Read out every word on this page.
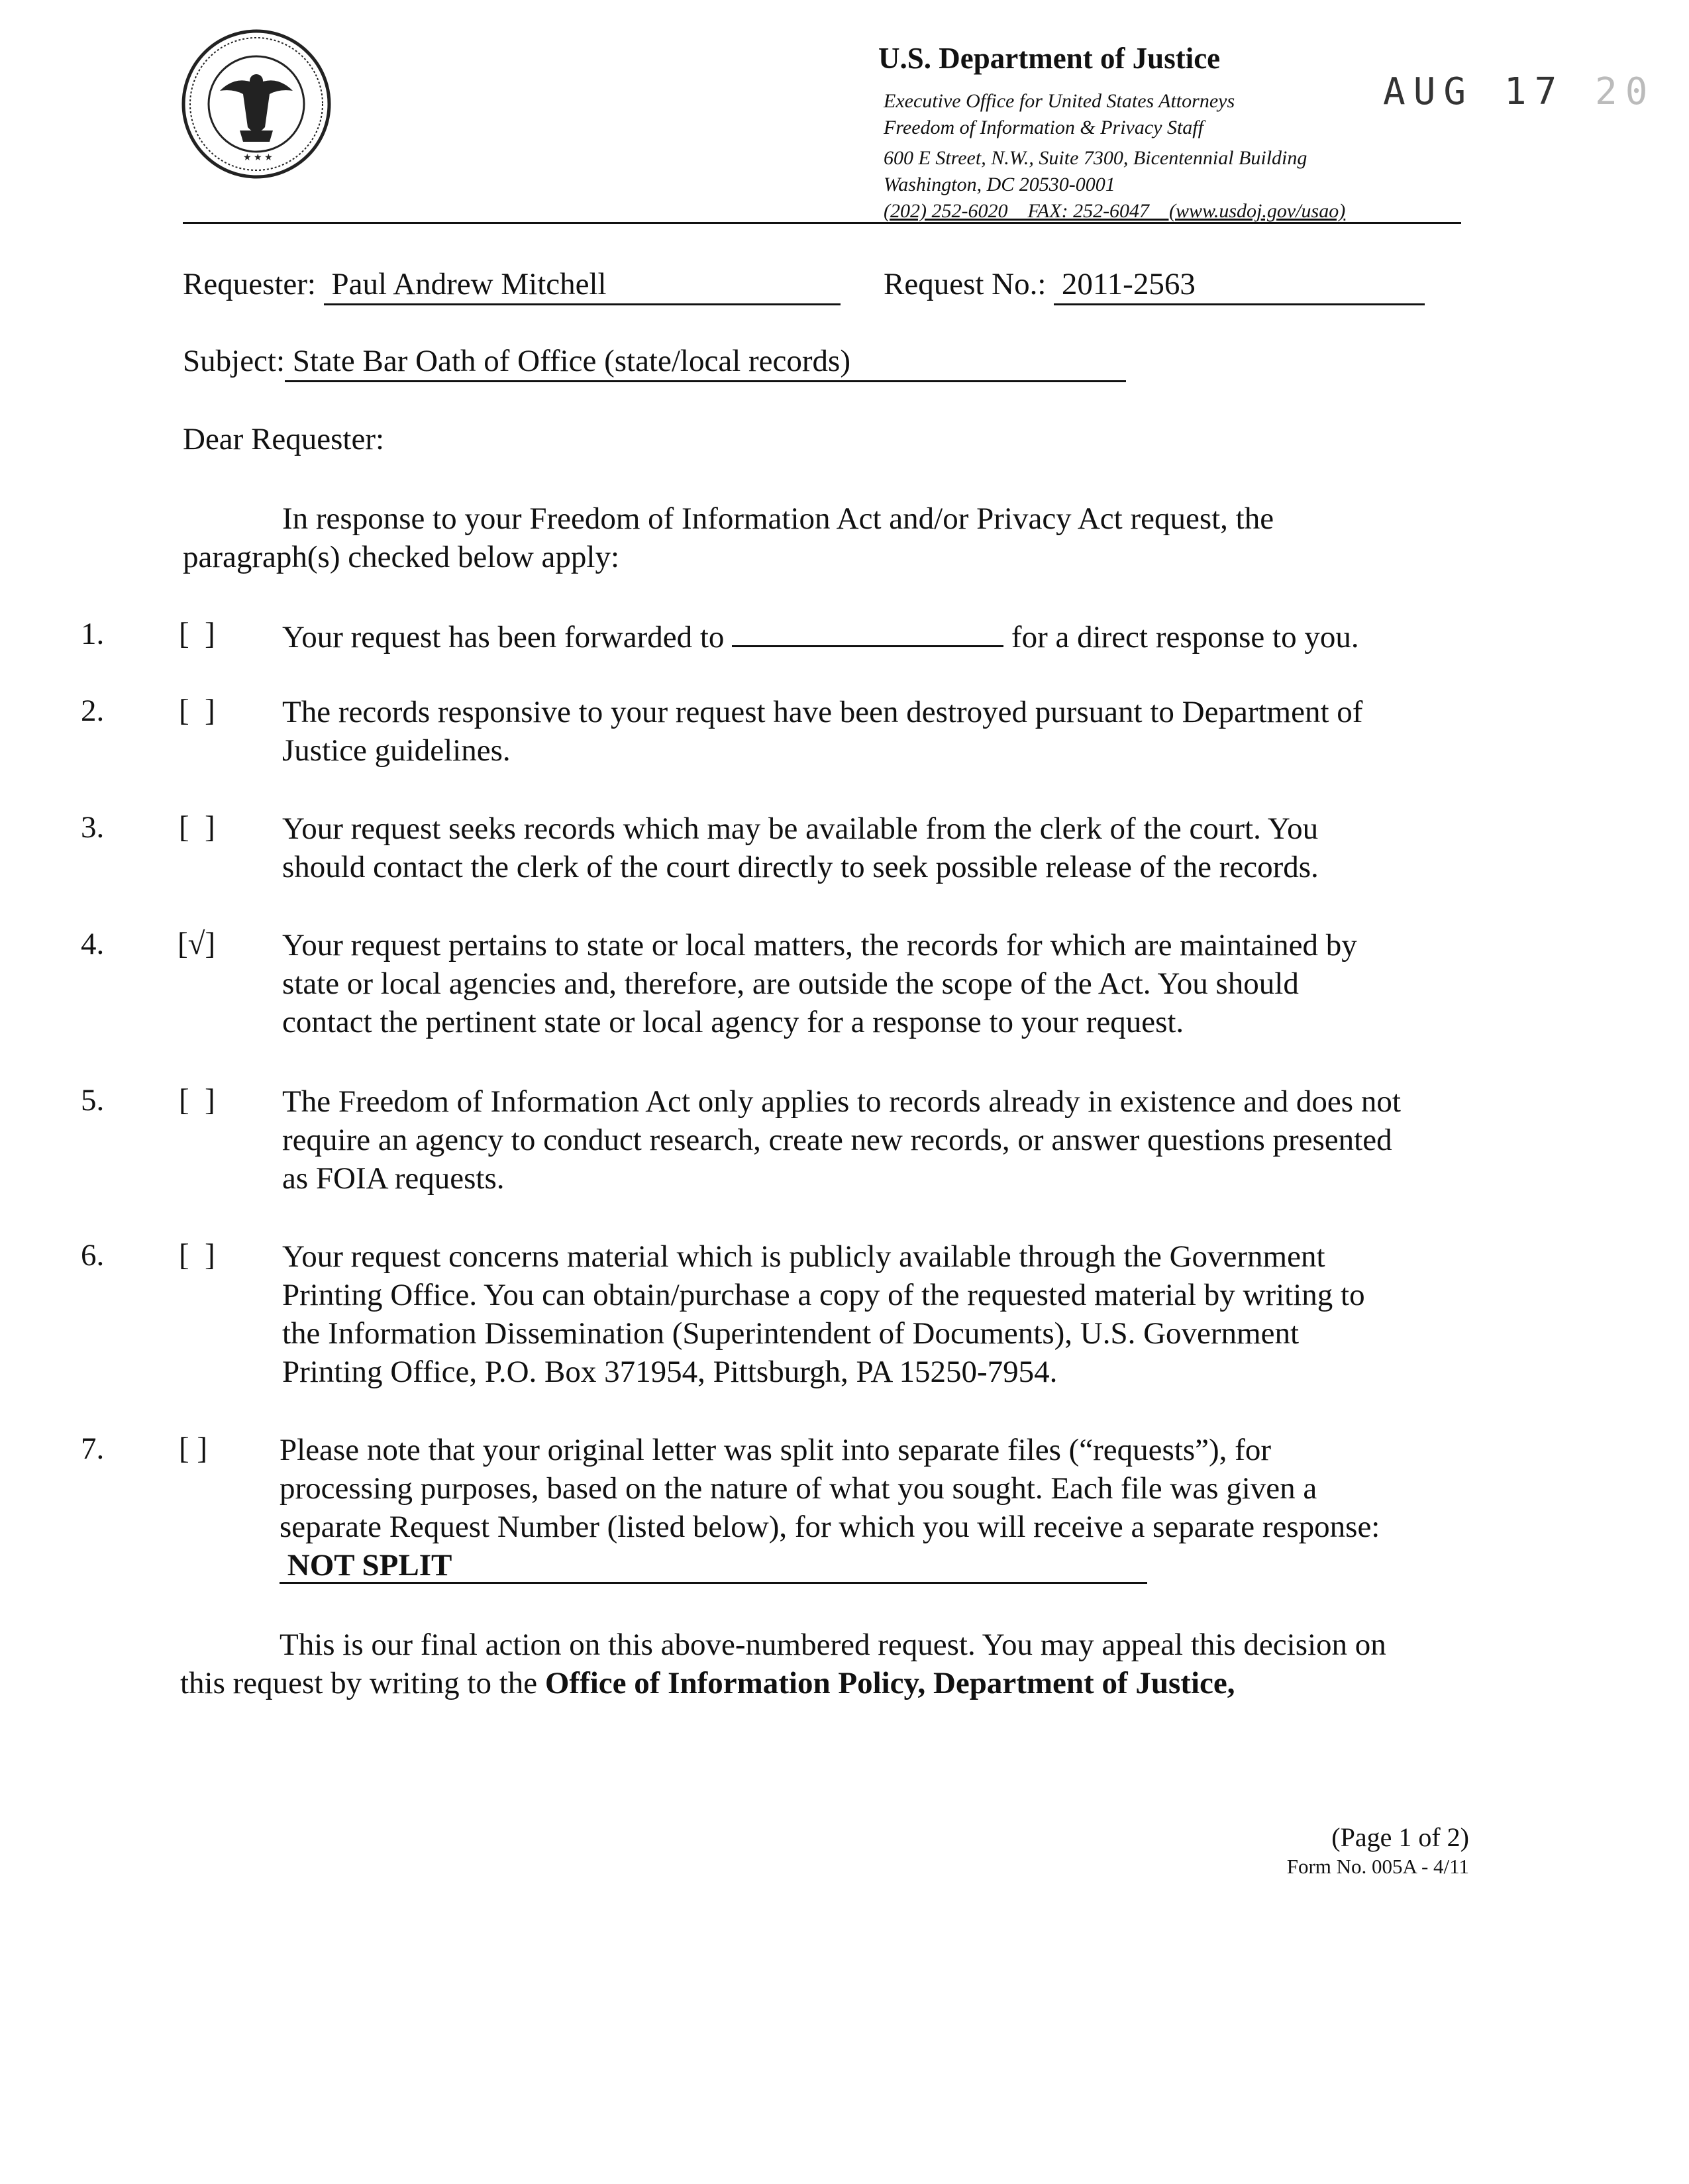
★ ★ ★
U.S. Department of Justice
Executive Office for United States Attorneys
Freedom of Information & Privacy Staff
600 E Street, N.W., Suite 7300, Bicentennial Building
Washington, DC 20530-0001
(202) 252-6020    FAX: 252-6047    (www.usdoj.gov/usao)
AUG 17 20
Requester: Paul Andrew Mitchell	Request No.: 2011-2563
Subject: State Bar Oath of Office (state/local records)
Dear Requester:
In response to your Freedom of Information Act and/or Privacy Act request, the
paragraph(s) checked below apply:
1. [  ] Your request has been forwarded to	for a direct response to you.
2. [  ] The records responsive to your request have been destroyed pursuant to Department of
Justice guidelines.
3. [  ] Your request seeks records which may be available from the clerk of the court. You
should contact the clerk of the court directly to seek possible release of the records.
4. [√] Your request pertains to state or local matters, the records for which are maintained by
state or local agencies and, therefore, are outside the scope of the Act. You should
contact the pertinent state or local agency for a response to your request.
5. [  ] The Freedom of Information Act only applies to records already in existence and does not
require an agency to conduct research, create new records, or answer questions presented
as FOIA requests.
6. [  ] Your request concerns material which is publicly available through the Government
Printing Office. You can obtain/purchase a copy of the requested material by writing to
the Information Dissemination (Superintendent of Documents), U.S. Government
Printing Office, P.O. Box 371954, Pittsburgh, PA 15250-7954.
7. [ ] Please note that your original letter was split into separate files (“requests”), for
processing purposes, based on the nature of what you sought. Each file was given a
separate Request Number (listed below), for which you will receive a separate response:
NOT SPLIT
This is our final action on this above-numbered request. You may appeal this decision on
this request by writing to the Office of Information Policy, Department of Justice,
(Page 1 of 2)
Form No. 005A - 4/11
